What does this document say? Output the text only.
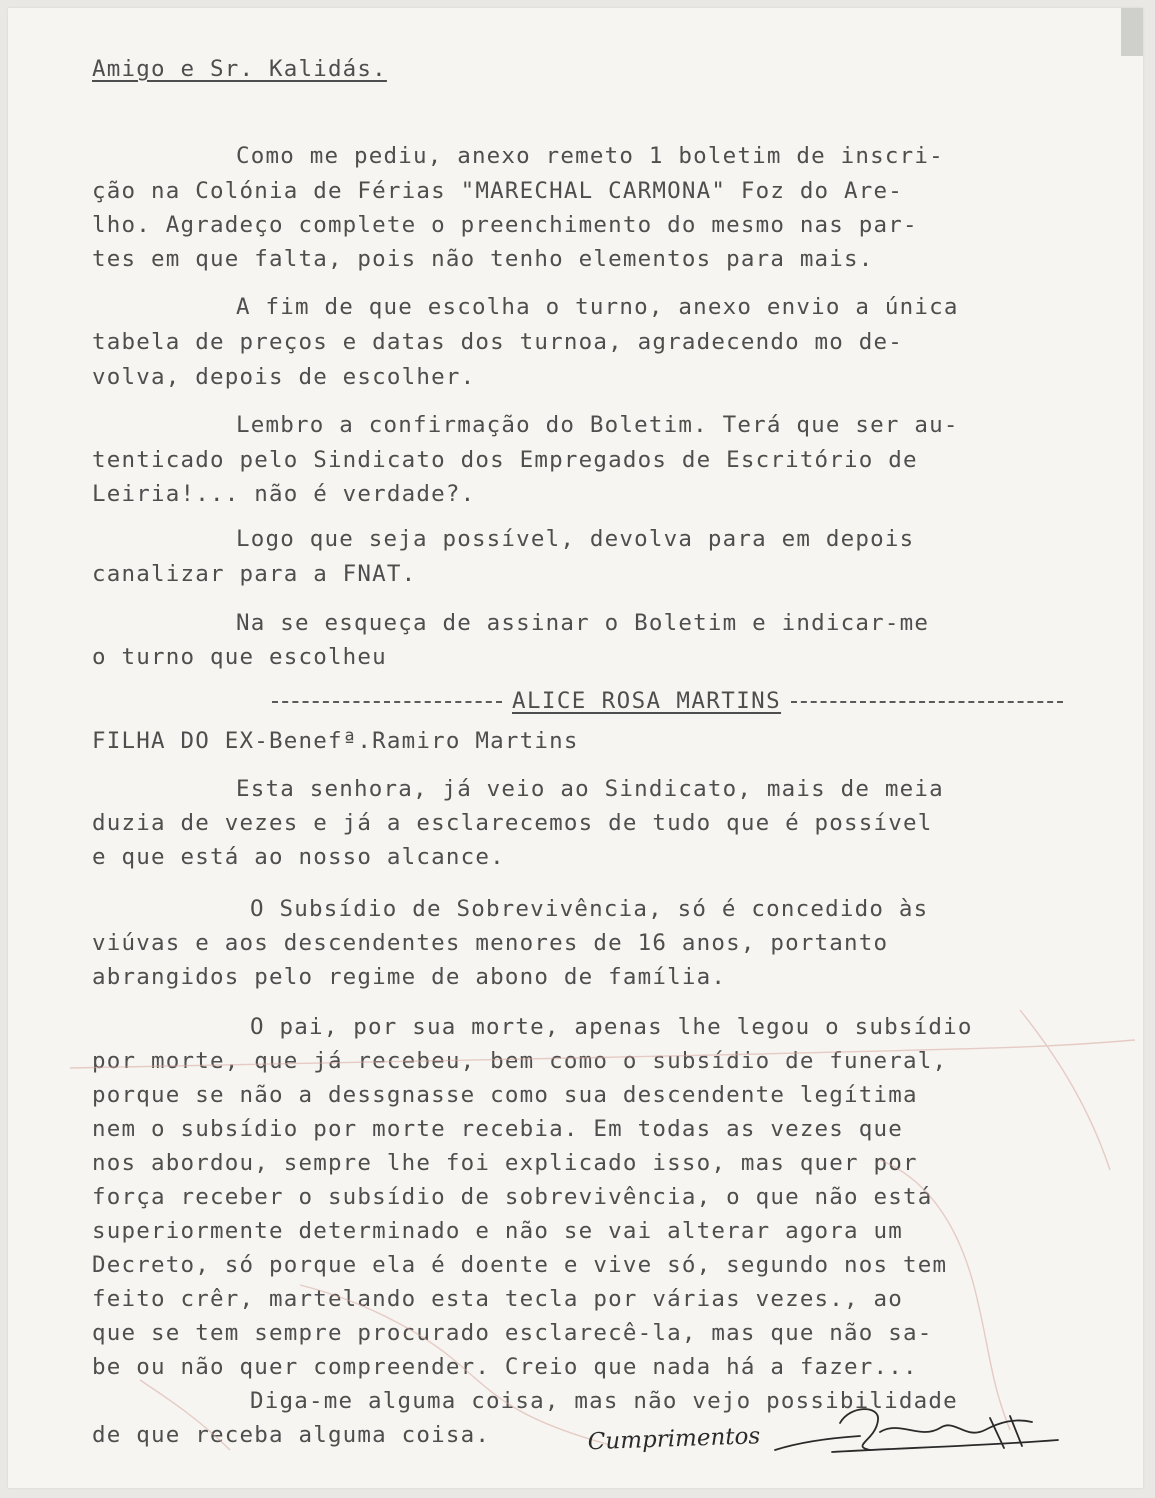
Amigo e Sr. Kalidás.
Como me pediu, anexo remeto 1 boletim de inscri-
ção na Colónia de Férias "MARECHAL CARMONA" Foz do Are-
lho. Agradeço complete o preenchimento do mesmo nas par-
tes em que falta, pois não tenho elementos para mais.
A fim de que escolha o turno, anexo envio a única
tabela de preços e datas dos turnoa, agradecendo mo de-
volva, depois de escolher.
Lembro a confirmação do Boletim. Terá que ser au-
tenticado pelo Sindicato dos Empregados de Escritório de
Leiria!... não é verdade?.
Logo que seja possível, devolva para em depois
canalizar para a FNAT.
Na se esqueça de assinar o Boletim e indicar-me
o turno que escolheu
ALICE ROSA MARTINS
FILHA DO EX-Benefª.Ramiro Martins
Esta senhora, já veio ao Sindicato, mais de meia
duzia de vezes e já a esclarecemos de tudo que é possível
e que está ao nosso alcance.
O Subsídio de Sobrevivência, só é concedido às
viúvas e aos descendentes menores de 16 anos, portanto
abrangidos pelo regime de abono de família.
O pai, por sua morte, apenas lhe legou o subsídio
por morte, que já recebeu, bem como o subsídio de funeral,
porque se não a dessgnasse como sua descendente legítima
nem o subsídio por morte recebia. Em todas as vezes que
nos abordou, sempre lhe foi explicado isso, mas quer por
força receber o subsídio de sobrevivência, o que não está
superiormente determinado e não se vai alterar agora um
Decreto, só porque ela é doente e vive só, segundo nos tem
feito crêr, martelando esta tecla por várias vezes., ao
que se tem sempre procurado esclarecê-la, mas que não sa-
be ou não quer compreender. Creio que nada há a fazer...
Diga-me alguma coisa, mas não vejo possibilidade
de que receba alguma coisa.	Cumprimentos
